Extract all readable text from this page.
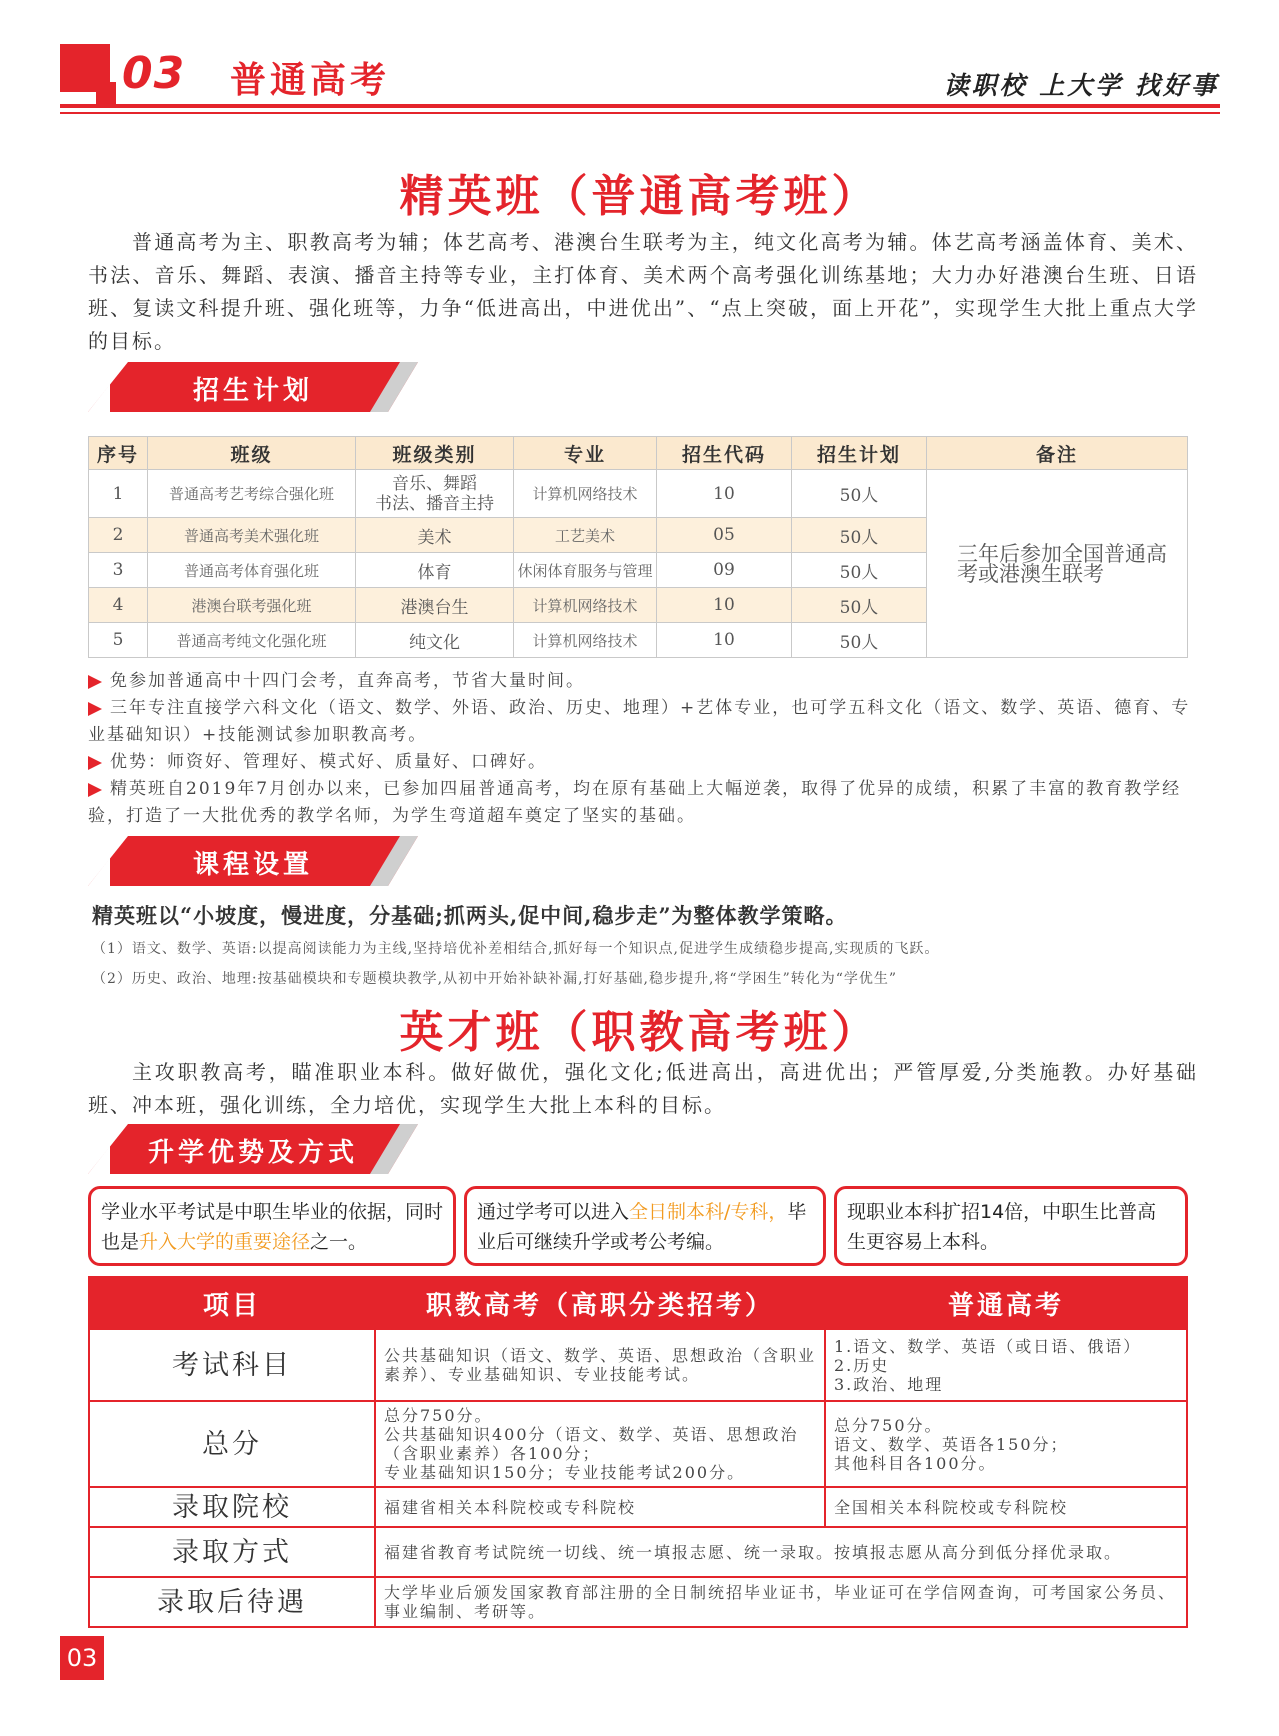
03 普通高考	读职校 上大学 找好事
精英班（普通高考班）

普通高考为主、职教高考为辅；体艺高考、港澳台生联考为主，纯文化高考为辅。体艺高考涵盖体育、美术、书法、音乐、舞蹈、表演、播音主持等专业，主打体育、美术两个高考强化训练基地；大力办好港澳台生班、日语班、复读文科提升班、强化班等，力争“低进高出，中进优出”、“点上突破，面上开花”，实现学生大批上重点大学的目标。

招生计划
序号	班级	班级类别	专业	招生代码	招生计划	备注
1	普通高考艺考综合强化班	音乐、舞蹈
书法、播音主持	计算机网络技术	10	50人	三年后参加全国普通高考或港澳生联考
2	普通高考美术强化班	美术	工艺美术	05	50人	
3	普通高考体育强化班	体育	休闲体育服务与管理	09	50人	
4	港澳台联考强化班	港澳台生	计算机网络技术	10	50人	
5	普通高考纯文化强化班	纯文化	计算机网络技术	10	50人	

免参加普通高中十四门会考，直奔高考，节省大量时间。

三年专注直接学六科文化（语文、数学、外语、政治、历史、地理）+艺体专业，也可学五科文化（语文、数学、英语、德育、专业基础知识）+技能测试参加职教高考。

优势：师资好、管理好、模式好、质量好、口碑好。

精英班自2019年7月创办以来，已参加四届普通高考，均在原有基础上大幅逆袭，取得了优异的成绩，积累了丰富的教育教学经验，打造了一大批优秀的教学名师，为学生弯道超车奠定了坚实的基础。

课程设置
精英班以“小坡度，慢进度，分基础;抓两头,促中间,稳步走”为整体教学策略。
（1）语文、数学、英语:以提高阅读能力为主线,坚持培优补差相结合,抓好每一个知识点,促进学生成绩稳步提高,实现质的飞跃。
（2）历史、政治、地理:按基础模块和专题模块教学,从初中开始补缺补漏,打好基础,稳步提升,将“学困生”转化为“学优生”
英才班（职教高考班）

主攻职教高考，瞄准职业本科。做好做优，强化文化;低进高出，高进优出；严管厚爱,分类施教。办好基础班、冲本班，强化训练，全力培优，实现学生大批上本科的目标。

升学优势及方式
学业水平考试是中职生毕业的依据，同时也是升入大学的重要途径之一。
通过学考可以进入全日制本科/专科，毕业后可继续升学或考公考编。
现职业本科扩招14倍，中职生比普高生更容易上本科。
项目	职教高考（高职分类招考）	普通高考
考试科目	公共基础知识（语文、数学、英语、思想政治（含职业素养）、专业基础知识、专业技能考试。	1.语文、数学、英语（或日语、俄语）
2.历史
3.政治、地理
总分	总分750分。
公共基础知识400分（语文、数学、英语、思想政治（含职业素养）各100分；
专业基础知识150分；专业技能考试200分。	总分750分。
语文、数学、英语各150分；
其他科目各100分。
录取院校	福建省相关本科院校或专科院校	全国相关本科院校或专科院校
录取方式	福建省教育考试院统一切线、统一填报志愿、统一录取。按填报志愿从高分到低分择优录取。	
录取后待遇	大学毕业后颁发国家教育部注册的全日制统招毕业证书，毕业证可在学信网查询，可考国家公务员、事业编制、考研等。	
03
